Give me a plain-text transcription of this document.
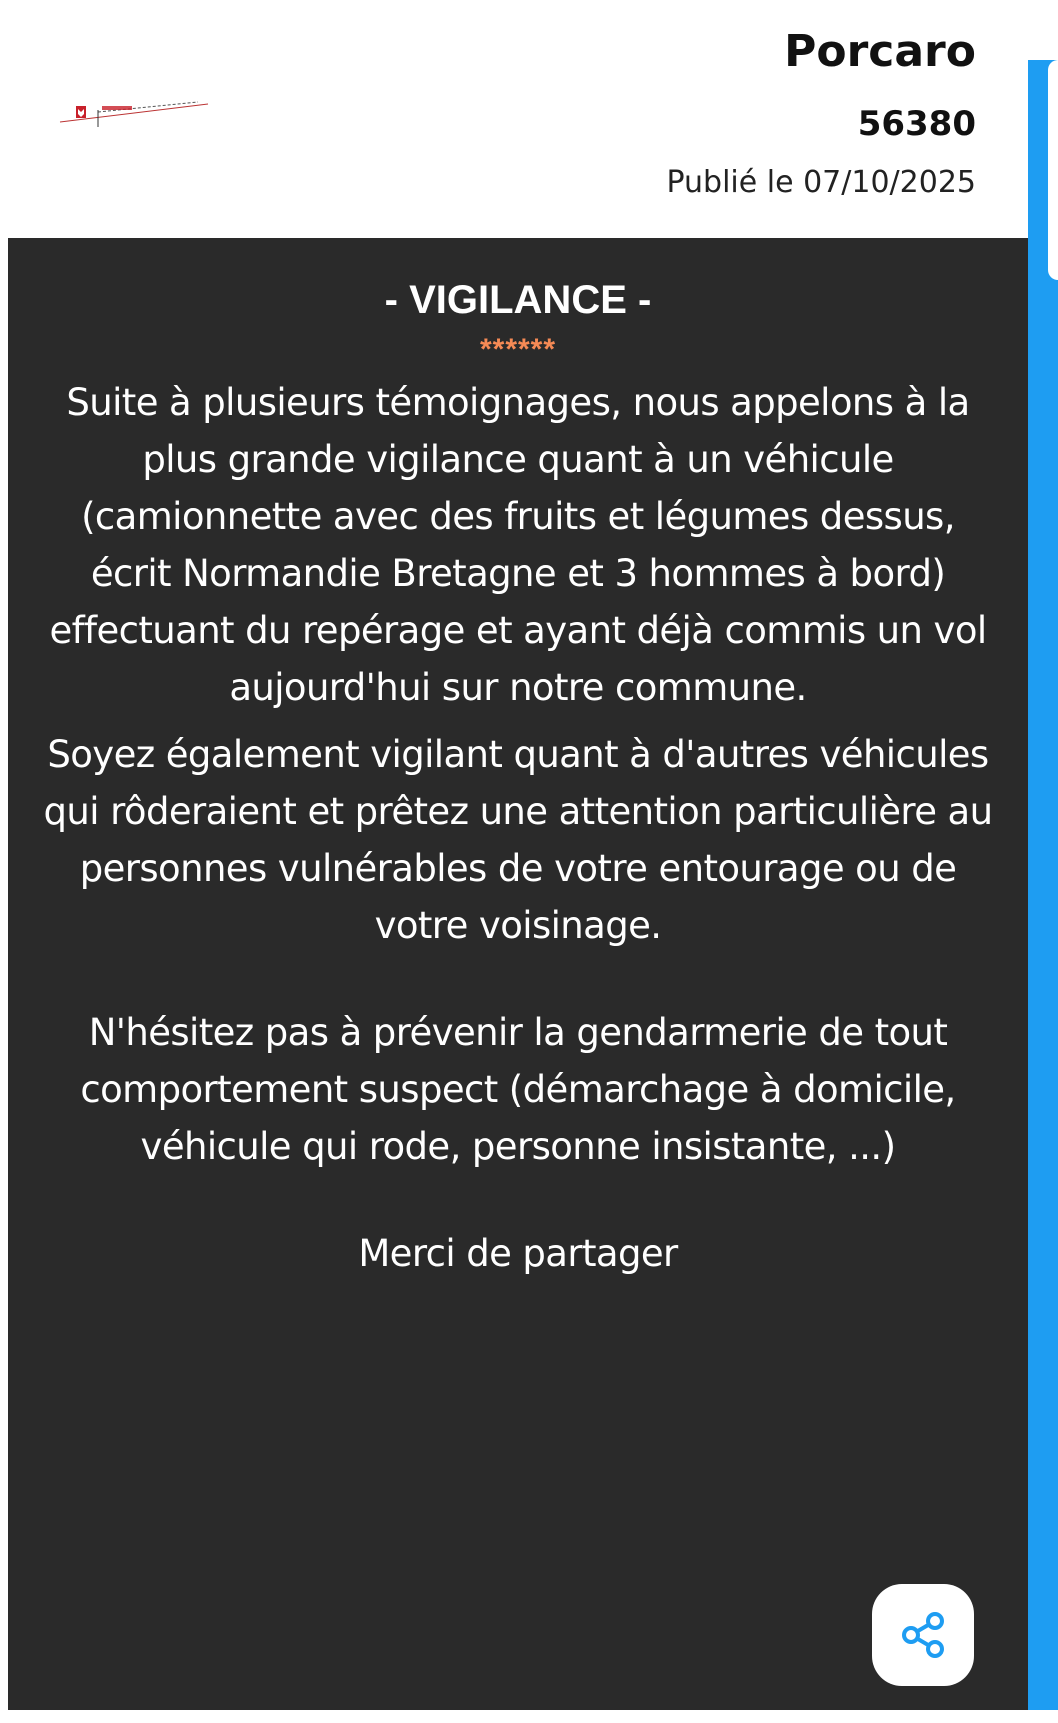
Porcaro
56380
Publié le 07/10/2025

- VIGILANCE -

******

Suite à plusieurs témoignages, nous appelons à la plus grande vigilance quant à un véhicule (camionnette avec des fruits et légumes dessus, écrit Normandie Bretagne et 3 hommes à bord) effectuant du repérage et ayant déjà commis un vol aujourd'hui sur notre commune.

Soyez également vigilant quant à d'autres véhicules qui rôderaient et prêtez une attention particulière au personnes vulnérables de votre entourage ou de votre voisinage.

N'hésitez pas à prévenir la gendarmerie de tout comportement suspect (démarchage à domicile, véhicule qui rode, personne insistante, ...)

Merci de partager
